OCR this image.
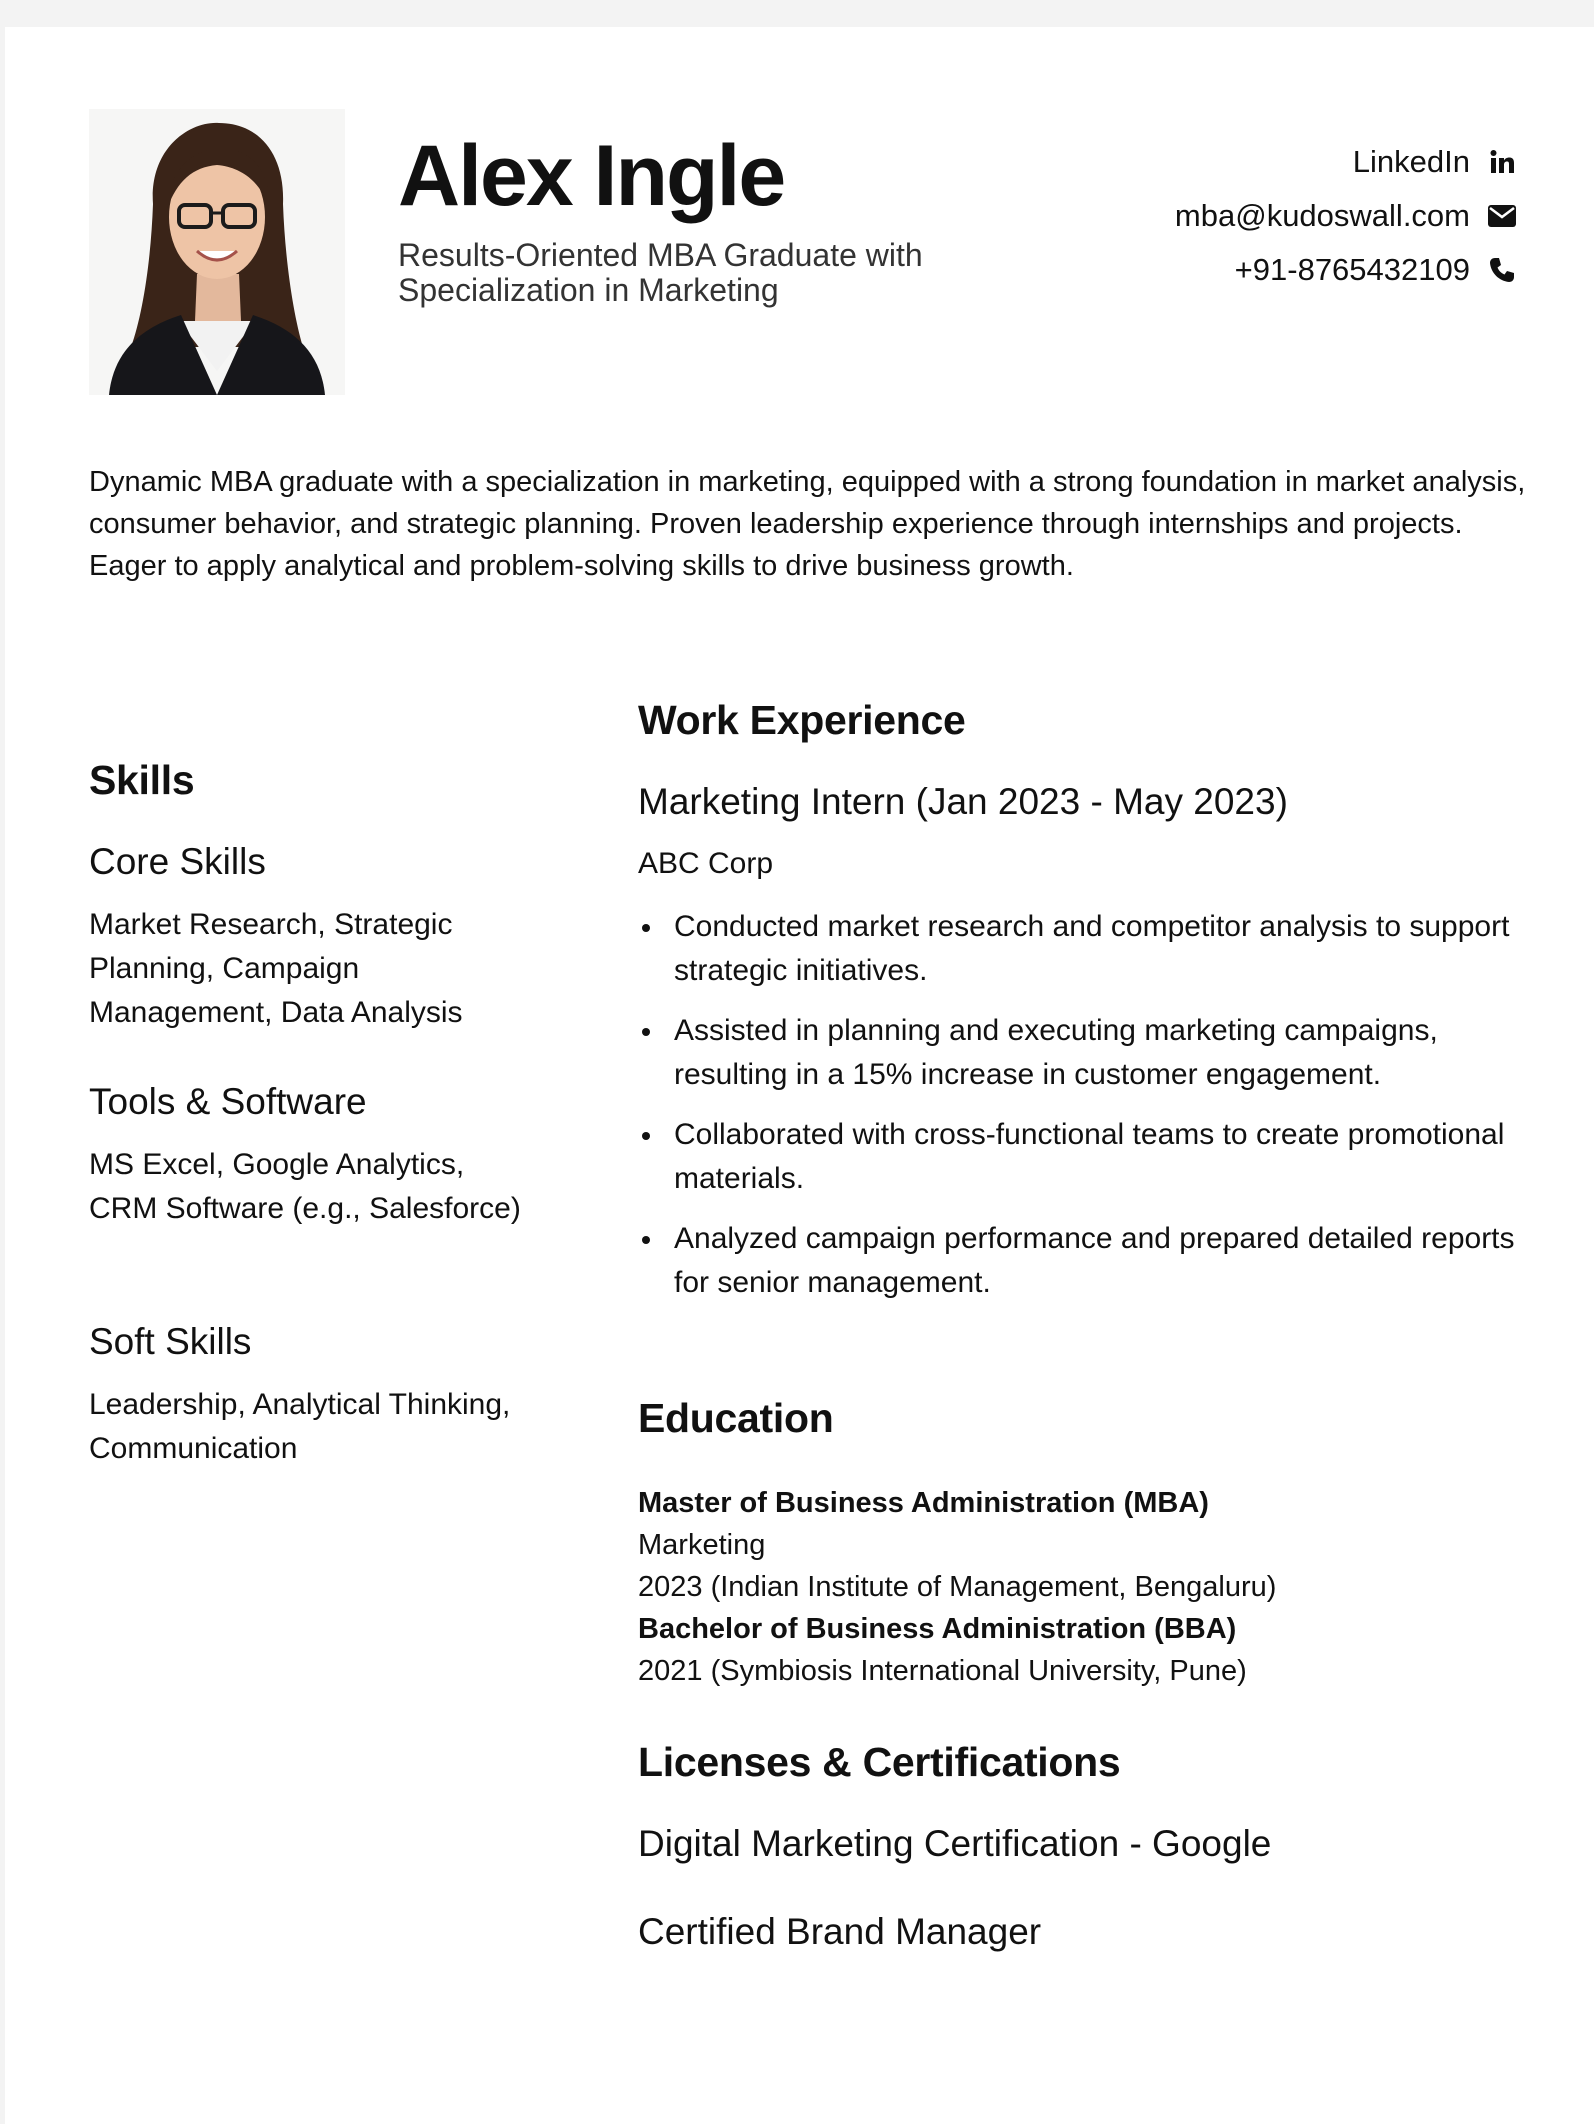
Alex Ingle
Results-Oriented MBA Graduate with Specialization in Marketing
LinkedIn
mba@kudoswall.com
+91-8765432109
Dynamic MBA graduate with a specialization in marketing, equipped with a strong foundation in market analysis, consumer behavior, and strategic planning. Proven leadership experience through internships and projects. Eager to apply analytical and problem-solving skills to drive business growth.
Skills
Core Skills
Market Research, Strategic Planning, Campaign Management, Data Analysis
Tools & Software
MS Excel, Google Analytics, CRM Software (e.g., Salesforce)
Soft Skills
Leadership, Analytical Thinking, Communication
Work Experience
Marketing Intern (Jan 2023 - May 2023)
ABC Corp
Conducted market research and competitor analysis to support strategic initiatives.
Assisted in planning and executing marketing campaigns, resulting in a 15% increase in customer engagement.
Collaborated with cross-functional teams to create promotional materials.
Analyzed campaign performance and prepared detailed reports for senior management.
Education
Master of Business Administration (MBA)
Marketing
2023 (Indian Institute of Management, Bengaluru)
Bachelor of Business Administration (BBA)
2021 (Symbiosis International University, Pune)
Licenses & Certifications
Digital Marketing Certification - Google
Certified Brand Manager
